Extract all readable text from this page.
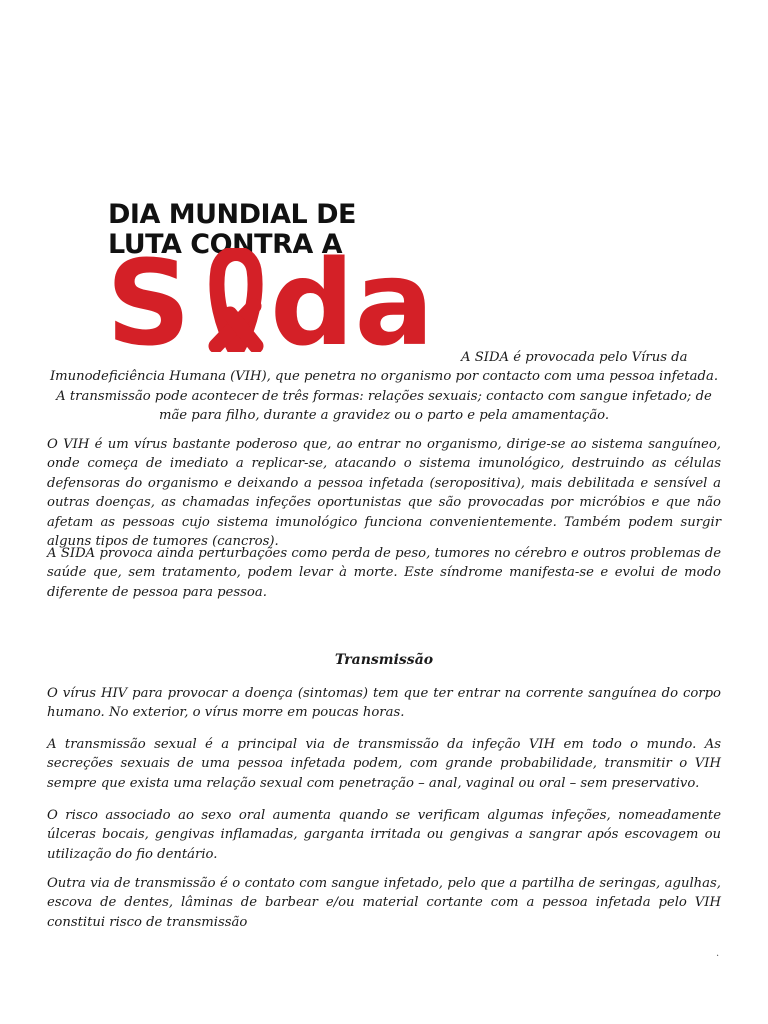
DIA MUNDIAL DE
LUTA CONTRA A
S da	A SIDA é provocada pelo Vírus da
Imunodeficiência Humana (VIH), que penetra no organismo por contacto com uma pessoa infetada. A transmissão pode acontecer de três formas: relações sexuais; contacto com sangue infetado; de mãe para filho, durante a gravidez ou o parto e pela amamentação.

O VIH é um vírus bastante poderoso que, ao entrar no organismo, dirige-se ao sistema sanguíneo, onde começa de imediato a replicar-se, atacando o sistema imunológico, destruindo as células defensoras do organismo e deixando a pessoa infetada (seropositiva), mais debilitada e sensível a outras doenças, as chamadas infeções oportunistas que são provocadas por micróbios e que não afetam as pessoas cujo sistema imunológico funciona convenientemente. Também podem surgir alguns tipos de tumores (cancros).

A SIDA provoca ainda perturbações como perda de peso, tumores no cérebro e outros problemas de saúde que, sem tratamento, podem levar à morte. Este síndrome manifesta-se e evolui de modo diferente de pessoa para pessoa.

Transmissão

O vírus HIV para provocar a doença (sintomas) tem que ter entrar na corrente sanguínea do corpo humano. No exterior, o vírus morre em poucas horas.

A transmissão sexual é a principal via de transmissão da infeção VIH em todo o mundo. As secreções sexuais de uma pessoa infetada podem, com grande probabilidade, transmitir o VIH sempre que exista uma relação sexual com penetração – anal, vaginal ou oral – sem preservativo.

O risco associado ao sexo oral aumenta quando se verificam algumas infeções, nomeadamente úlceras bocais, gengivas inflamadas, garganta irritada ou gengivas a sangrar após escovagem ou utilização do fio dentário.

Outra via de transmissão é o contato com sangue infetado, pelo que a partilha de seringas, agulhas, escova de dentes, lâminas de barbear e/ou material cortante com a pessoa infetada pelo VIH constitui risco de transmissão

.
